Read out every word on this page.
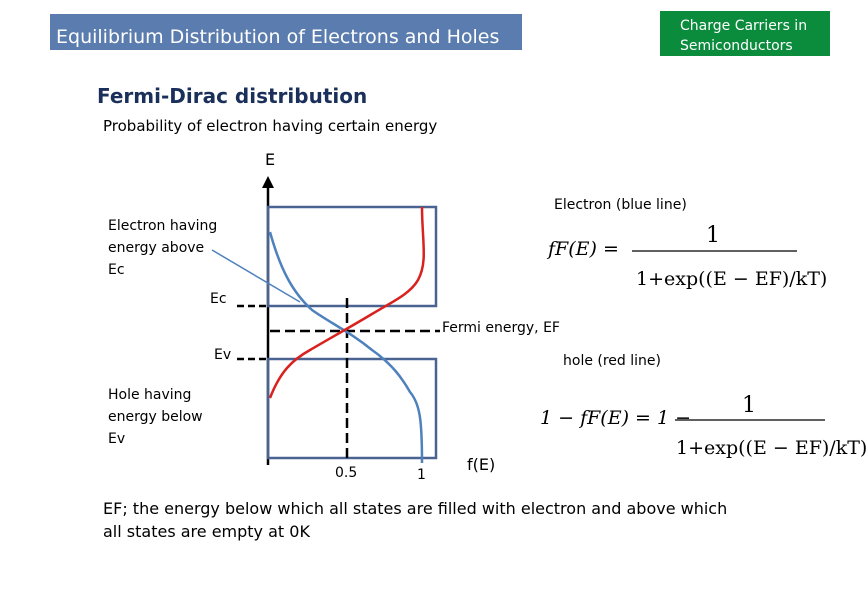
Equilibrium Distribution of Electrons and Holes	Charge Carriers in Semiconductors
Fermi-Dirac distribution
Probability of electron having certain energy
E
Electron (blue line)
Electron having energy above Ec
Ec
Ev
Fermi energy, EF
hole (red line)
Hole having energy below Ev
0.5	1
f(E)
fF(E) =
1
1+exp((E − EF)/kT)
1 − fF(E) = 1 − 1
1+exp((E − EF)/kT)
EF; the energy below which all states are filled with electron and above which all states are empty at 0K
